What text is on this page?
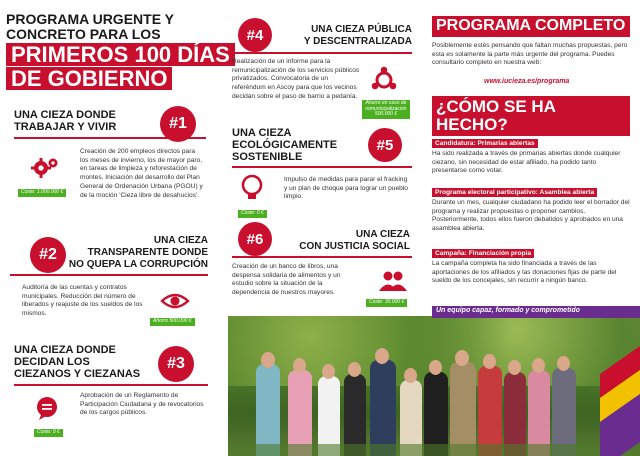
PROGRAMA URGENTE Y
CONCRETO PARA LOS
PRIMEROS 100 DÍAS
DE GOBIERNO
UNA CIEZA DONDE
TRABAJAR Y VIVIR	#1
Coste: 1.000.000 €
Creación de 200 empleos directos para los meses de invierno, los de mayor paro, en tareas de limpieza y reforestación de montes. Iniciación del desarrollo del Plan General de Ordenación Urbana (PGOU) y de la moción 'Cieza libre de desahucios'.
#2
UNA CIEZA
TRANSPARENTE DONDE
NO QUEPA LA CORRUPCIÓN
Auditoría de las cuentas y contratos municipales. Reducción del número de liberados y reajuste de los sueldos de los mismos.
Ahorro 500.000 €
UNA CIEZA DONDE
DECIDAN LOS
CIEZANOS Y CIEZANAS
#3
Coste: 0 €
Aprobación de un Reglamento de Participación Ciudadana y de revocatorios de los cargos públicos.
#4	UNA CIEZA PÚBLICA
Y DESCENTRALIZADA
Realización de un informe para la remunicipalización de los servicios públicos privatizados. Convocatoria de un referéndum en Ascoy para que los vecinos decidan sobre el paso de barrio a pedanía.
Ahorro en caso de
remunicipalización
500.000 €
UNA CIEZA
ECOLÓGICAMENTE
SOSTENIBLE
#5
Coste: 0 €
Impulso de medidas para parar el fracking y un plan de choque para lograr un pueblo limpio.
#6	UNA CIEZA
CON JUSTICIA SOCIAL
Creación de un banco de libros, una despensa solidaria de alimentos y un estudio sobre la situación de la dependencia de nuestros mayores.
Coste: 30.000 €
PROGRAMA COMPLETO
Posiblemente estés pensando que faltan muchas propuestas, pero esta es solamente la parte más urgente del programa. Puedes consultarlo completo en nuestra web:
www.iucieza.es/programa
¿CÓMO SE HA HECHO?	LOS MÉTODOS
IMPORTAN
Candidatura: Primarias abiertas
Ha sido realizada a través de primarias abiertas donde cualquier ciezano, sin necesidad de estar afiliado, ha podido tanto presentarse como votar.
Programa electoral participativo: Asamblea abierta
Durante un mes, cualquier ciudadano ha podido leer el borrador del programa y realizar propuestas o proponer cambios. Posteriormente, todos ellos fueron debatidos y aprobados en una asamblea abierta.
Campaña: Financiación propia
La campaña completa ha sido financiada a través de las aportaciones de los afiliados y las donaciones fijas de parte del sueldo de los concejales, sin recurrir a ningún banco.
Un equipo capaz, formado y comprometido
